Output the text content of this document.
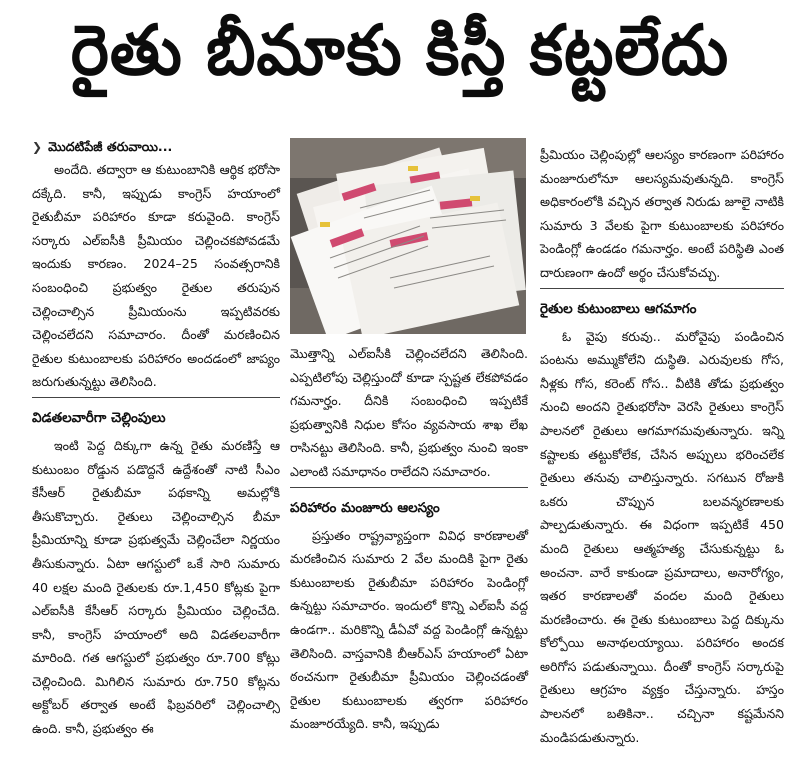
రైతు బీమాకు కిస్తీ కట్టలేదు
❯ మొదటిపేజీ తరువాయి...

అందేది. తద్వారా ఆ కుటుంబానికి ఆర్థిక భరోసా దక్కేది. కానీ, ఇప్పుడు కాంగ్రెస్ హయాంలో రైతుబీమా పరిహారం కూడా కరువైంది. కాంగ్రెస్ సర్కారు ఎల్ఐసీకి ప్రీమియం చెల్లించకపోవడమే ఇందుకు కారణం. 2024–25 సంవత్సరానికి సంబంధించి ప్రభుత్వం రైతుల తరుపున చెల్లించాల్సిన ప్రీమియంను ఇప్పటివరకు చెల్లించలేదని సమాచారం. దీంతో మరణించిన రైతుల కుటుంబాలకు పరిహారం అందడంలో జాప్యం జరుగుతున్నట్టు తెలిసింది.

విడతలవారీగా చెల్లింపులు

ఇంటి పెద్ద దిక్కుగా ఉన్న రైతు మరణిస్తే ఆ కుటుంబం రోడ్డున పడొద్దనే ఉద్దేశంతో నాటి సీఎం కేసీఆర్ రైతుబీమా పథకాన్ని అమల్లోకి తీసుకొచ్చారు. రైతులు చెల్లించాల్సిన బీమా ప్రీమియాన్ని కూడా ప్రభుత్వమే చెల్లించేలా నిర్ణయం తీసుకున్నారు. ఏటా ఆగస్టులో ఒకే సారి సుమారు 40 లక్షల మంది రైతులకు రూ.1,450 కోట్లకు పైగా ఎల్ఐసీకి కేసీఆర్ సర్కారు ప్రీమియం చెల్లించేది. కానీ, కాంగ్రెస్ హయాంలో అది విడతలవారీగా మారింది. గత ఆగస్టులో ప్రభుత్వం రూ.700 కోట్లు చెల్లించింది. మిగిలిన సుమారు రూ.750 కోట్లను అక్టోబర్ తర్వాత అంటే ఫిబ్రవరిలో చెల్లించాల్సి ఉంది. కానీ, ప్రభుత్వం ఈ

మొత్తాన్ని ఎల్ఐసీకి చెల్లించలేదని తెలిసింది. ఎప్పటిలోపు చెల్లిస్తుందో కూడా స్పష్టత లేకపోవడం గమనార్హం. దీనికి సంబంధించి ఇప్పటికే ప్రభుత్వానికి నిధుల కోసం వ్యవసాయ శాఖ లేఖ రాసినట్టు తెలిసింది. కానీ, ప్రభుత్వం నుంచి ఇంకా ఎలాంటి సమాధానం రాలేదని సమాచారం.

పరిహారం మంజూరు ఆలస్యం

ప్రస్తుతం రాష్ట్రవ్యాప్తంగా వివిధ కారణాలతో మరణించిన సుమారు 2 వేల మందికి పైగా రైతు కుటుంబాలకు రైతుబీమా పరిహారం పెండింగ్లో ఉన్నట్టు సమాచారం. ఇందులో కొన్ని ఎల్ఐసీ వద్ద ఉండగా.. మరికొన్ని డీఏవో వద్ద పెండింగ్లో ఉన్నట్టు తెలిసింది. వాస్తవానికి బీఆర్ఎస్ హయాంలో ఏటా ఠంచనుగా రైతుబీమా ప్రీమియం చెల్లించడంతో రైతుల కుటుంబాలకు త్వరగా పరిహారం మంజూరయ్యేది. కానీ, ఇప్పుడు

ప్రీమియం చెల్లింపుల్లో ఆలస్యం కారణంగా పరిహారం మంజూరులోనూ ఆలస్యమవుతున్నది. కాంగ్రెస్ అధికారంలోకి వచ్చిన తర్వాత నిరుడు జూలై నాటికి సుమారు 3 వేలకు పైగా కుటుంబాలకు పరిహారం పెండింగ్లో ఉండడం గమనార్హం. అంటే పరిస్థితి ఎంత దారుణంగా ఉందో అర్థం చేసుకోవచ్చు.

రైతుల కుటుంబాలు ఆగమాగం

ఓ వైపు కరువు.. మరోవైపు పండించిన పంటను అమ్ముకోలేని దుస్థితి. ఎరువులకు గోస, నీళ్లకు గోస, కరెంట్ గోస.. వీటికి తోడు ప్రభుత్వం నుంచి అందని రైతుభరోసా వెరసి రైతులు కాంగ్రెస్ పాలనలో రైతులు ఆగమాగమవుతున్నారు. ఇన్ని కష్టాలకు తట్టుకోలేక, చేసిన అప్పులు భరించలేక రైతులు తనువు చాలిస్తున్నారు. సగటున రోజుకి ఒకరు చొప్పున బలవన్మరణాలకు పాల్పడుతున్నారు. ఈ విధంగా ఇప్పటికే 450 మంది రైతులు ఆత్మహత్య చేసుకున్నట్టు ఓ అంచనా. వారే కాకుండా ప్రమాదాలు, అనారోగ్యం, ఇతర కారణాలతో వందల మంది రైతులు మరణించారు. ఈ రైతు కుటుంబాలు పెద్ద దిక్కును కోల్పోయి అనాథలయ్యాయి. పరిహారం అందక అరిగోస పడుతున్నాయి. దీంతో కాంగ్రెస్ సర్కారుపై రైతులు ఆగ్రహం వ్యక్తం చేస్తున్నారు. హస్తం పాలనలో బతికినా.. చచ్చినా కష్టమేనని మండిపడుతున్నారు.
